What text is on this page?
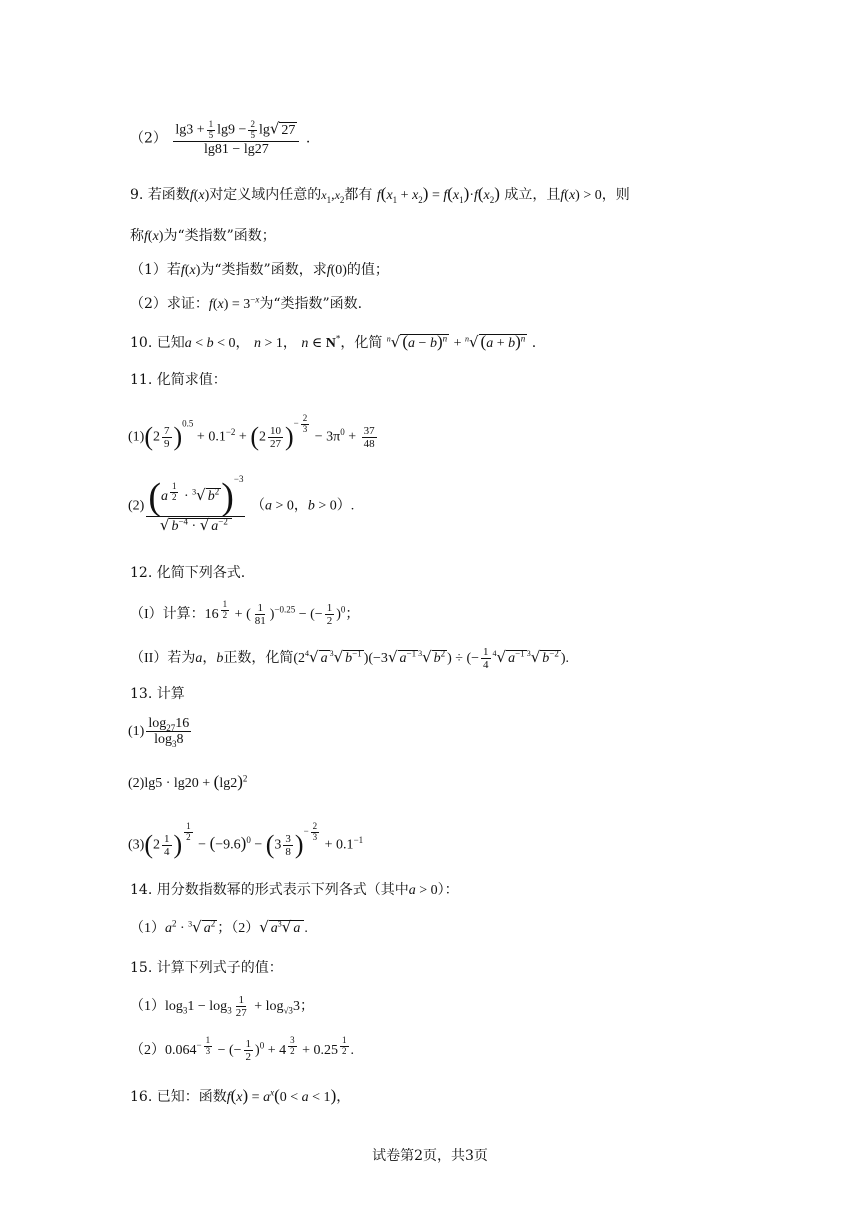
$(2) \frac{\lg 3 + \frac{1}{5} \lg 9 - \frac{2}{5} \lg√ 27}{\lg 81 - \lg 27}$ .
9. 若函数f(x)对定义域内任意的$x_1,x_2$都有 $f(x_1 + x_2) = f(x_1)\cdot f(x_2)$ 成立，且f(x) > 0，则
称f(x)为“类指数”函数；
（1）若f(x)为“类指数”函数，求f(0)的值；
（2）求证：$f(x) = 3^{-x}$为“类指数”函数.
10. 已知a < b < 0， n > 1， n ∈ N*，化简 $^n$√ $(a - b)^n + ^n√$ $(a + b)^n$ .
11. 化简求值：
$(1)(2 \frac{7}{9} )^{0.5} + 0.1^{-2} + (2 \frac{10}{27} )^{- \frac{2}{3}}$
− $3\pi^0 + \frac{37}{48}$
(2) (a $^{\frac{1}{2}}$ · $^3$√ $b^2)^{-3}$
√ $b^{-4}$ · √ $a^{-2}$ （a > 0，b > 0）.
12. 化简下列各式.
（I）计算：16 $^{\frac{1}{2}}$ + ( $\frac{1}{81} )^{-0.25}$ − (− $\frac{1}{2} )^0$；
（II）若为a，b正数，化简($2^4√$ a $^3$√ $b^{-1}$ )(−3√ $a^{-1}$ $^3$√ $b^2$ ) ÷ (− $\frac{1}{4} ^4√$ $a^{-1}$ $^3$√ $b^{-2}$ ).
13. 计算
$(1) \frac{\log_{27}16}{\log_38}$
$(2)\lg 5 \cdot \lg 20 + (\lg 2)^2$
$(3)(2 \frac{1}{4}$ ) $^{\frac{1}{2}}$
− $(-9.6)^0 - (3 \frac{3}{8} )^{- \frac{2}{3}}$
+ $0.1^{-1}$
14. 用分数指数幂的形式表示下列各式（其中a > 0）：
$(1)a^2 \cdot ^3√$ $a^2$ ；（2）√ $a^3√$ a .
15. 计算下列式子的值：
$(1)\log_31 - \log_3 \frac{1}{27} + \log_{√3}3$；
$(2)0.064^{- \frac{1}{3}}$ − (− $\frac{1}{2} )^0 + 4$ $^{\frac{3}{2}}$ + 0.25 $^{\frac{1}{2}}$ .
16. 已知：函数$f(x) = a^x(0 < a < 1)$，
试卷第2页，共3页
